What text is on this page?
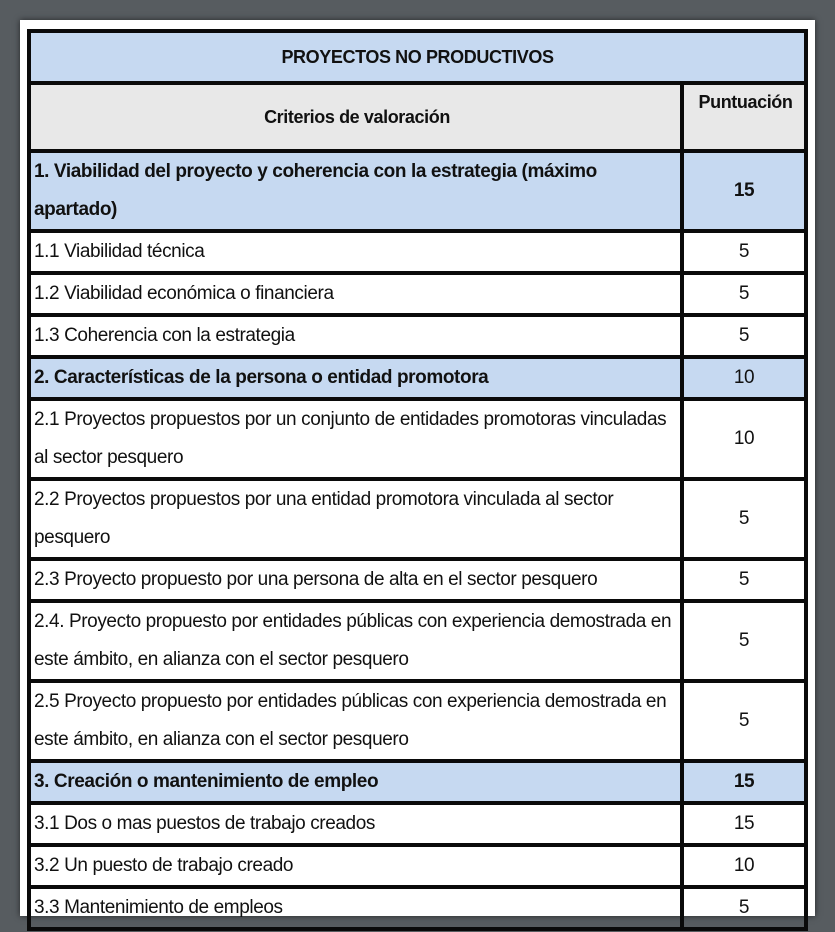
PROYECTOS NO PRODUCTIVOS	
Criterios de valoración	Puntuación
1. Viabilidad del proyecto y coherencia con la estrategia (máximo apartado)	15
1.1 Viabilidad técnica	5
1.2 Viabilidad económica o financiera	5
1.3 Coherencia con la estrategia	5
2. Características de la persona o entidad promotora	10
2.1 Proyectos propuestos por un conjunto de entidades promotoras vinculadas al sector pesquero	10
2.2 Proyectos propuestos por una entidad promotora vinculada al sector pesquero	5
2.3 Proyecto propuesto por una persona de alta en el sector pesquero	5
2.4. Proyecto propuesto por entidades públicas con experiencia demostrada en este ámbito, en alianza con el sector pesquero	5
2.5 Proyecto propuesto por entidades públicas con experiencia demostrada en este ámbito, en alianza con el sector pesquero	5
3. Creación o mantenimiento de empleo	15
3.1 Dos o mas puestos de trabajo creados	15
3.2 Un puesto de trabajo creado	10
3.3 Mantenimiento de empleos	5
